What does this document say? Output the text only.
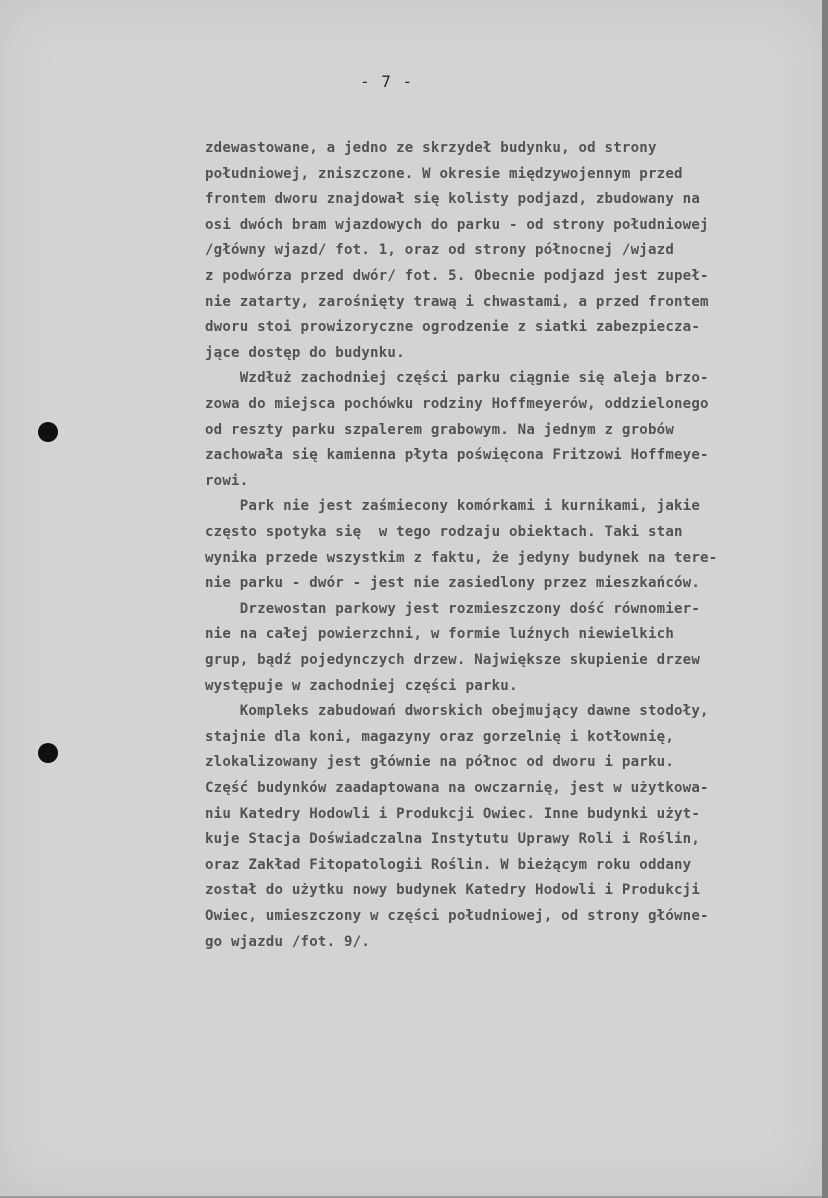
- 7 -
zdewastowane, a jedno ze skrzydeł budynku, od strony
południowej, zniszczone. W okresie międzywojennym przed
frontem dworu znajdował się kolisty podjazd, zbudowany na
osi dwóch bram wjazdowych do parku - od strony południowej
/główny wjazd/ fot. 1, oraz od strony północnej /wjazd
z podwórza przed dwór/ fot. 5. Obecnie podjazd jest zupeł-
nie zatarty, zarośnięty trawą i chwastami, a przed frontem
dworu stoi prowizoryczne ogrodzenie z siatki zabezpiecza-
jące dostęp do budynku.
Wzdłuż zachodniej części parku ciągnie się aleja brzo-
zowa do miejsca pochówku rodziny Hoffmeyerów, oddzielonego
od reszty parku szpalerem grabowym. Na jednym z grobów
zachowała się kamienna płyta poświęcona Fritzowi Hoffmeye-
rowi.
Park nie jest zaśmiecony komórkami i kurnikami, jakie
często spotyka się  w tego rodzaju obiektach. Taki stan
wynika przede wszystkim z faktu, że jedyny budynek na tere-
nie parku - dwór - jest nie zasiedlony przez mieszkańców.
Drzewostan parkowy jest rozmieszczony dość równomier-
nie na całej powierzchni, w formie luźnych niewielkich
grup, bądź pojedynczych drzew. Największe skupienie drzew
występuje w zachodniej części parku.
Kompleks zabudowań dworskich obejmujący dawne stodoły,
stajnie dla koni, magazyny oraz gorzelnię i kotłownię,
zlokalizowany jest głównie na północ od dworu i parku.
Część budynków zaadaptowana na owczarnię, jest w użytkowa-
niu Katedry Hodowli i Produkcji Owiec. Inne budynki użyt-
kuje Stacja Doświadczalna Instytutu Uprawy Roli i Roślin,
oraz Zakład Fitopatologii Roślin. W bieżącym roku oddany
został do użytku nowy budynek Katedry Hodowli i Produkcji
Owiec, umieszczony w części południowej, od strony główne-
go wjazdu /fot. 9/.
